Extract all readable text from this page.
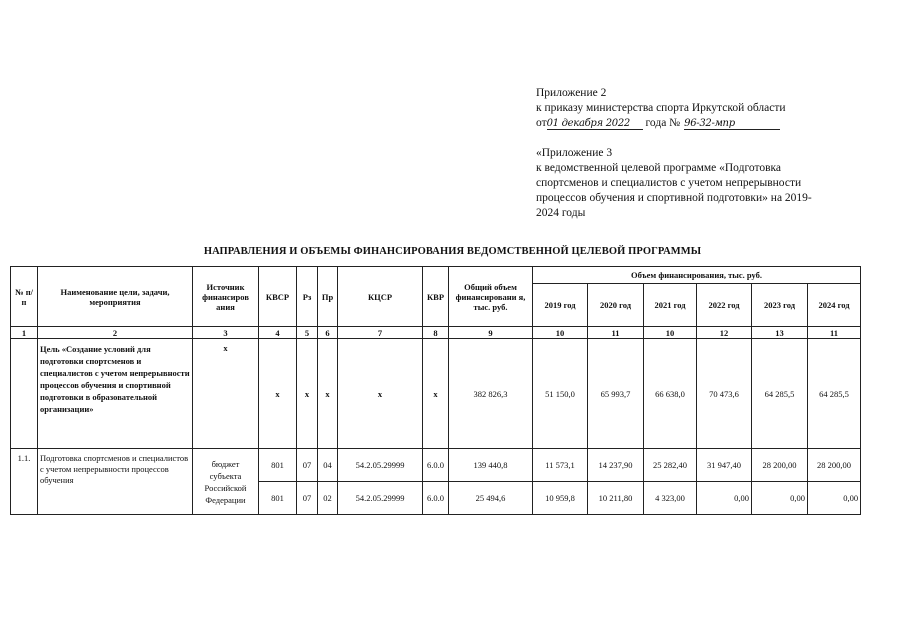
Приложение 2
к приказу министерства спорта Иркутской области
от01 декабря 2022 года № 96-32-мпр
«Приложение 3
к ведомственной целевой программе «Подготовка
спортсменов и специалистов с учетом непрерывности
процессов обучения и спортивной подготовки» на 2019-
2024 годы
НАПРАВЛЕНИЯ И ОБЪЕМЫ ФИНАНСИРОВАНИЯ ВЕДОМСТВЕННОЙ ЦЕЛЕВОЙ ПРОГРАММЫ
№ п/п	Наименование цели, задачи, мероприятия	Источник финансиров ания	КВСР	Рз	Пр	КЦСР	КВР	Общий объем финансировани я, тыс. руб.	Объем финансирования, тыс. руб.					
									2019 год	2020 год	2021 год	2022 год	2023 год	2024 год
1	2	3	4	5	6	7	8	9	10	11	10	12	13	11
	Цель «Создание условий для подготовки спортсменов и специалистов с учетом непрерывности процессов обучения и спортивной подготовки в образовательной организации»	х	х	х	х	х	х	382 826,3	51 150,0	65 993,7	66 638,0	70 473,6	64 285,5	64 285,5
1.1.	Подготовка спортсменов и специалистов с учетом непрерывности процессов обучения	бюджет субъекта Российской Федерации	801	07	04	54.2.05.29999	6.0.0	139 440,8	11 573,1	14 237,90	25 282,40	31 947,40	28 200,00	28 200,00
			801	07	02	54.2.05.29999	6.0.0	25 494,6	10 959,8	10 211,80	4 323,00	0,00	0,00	0,00
